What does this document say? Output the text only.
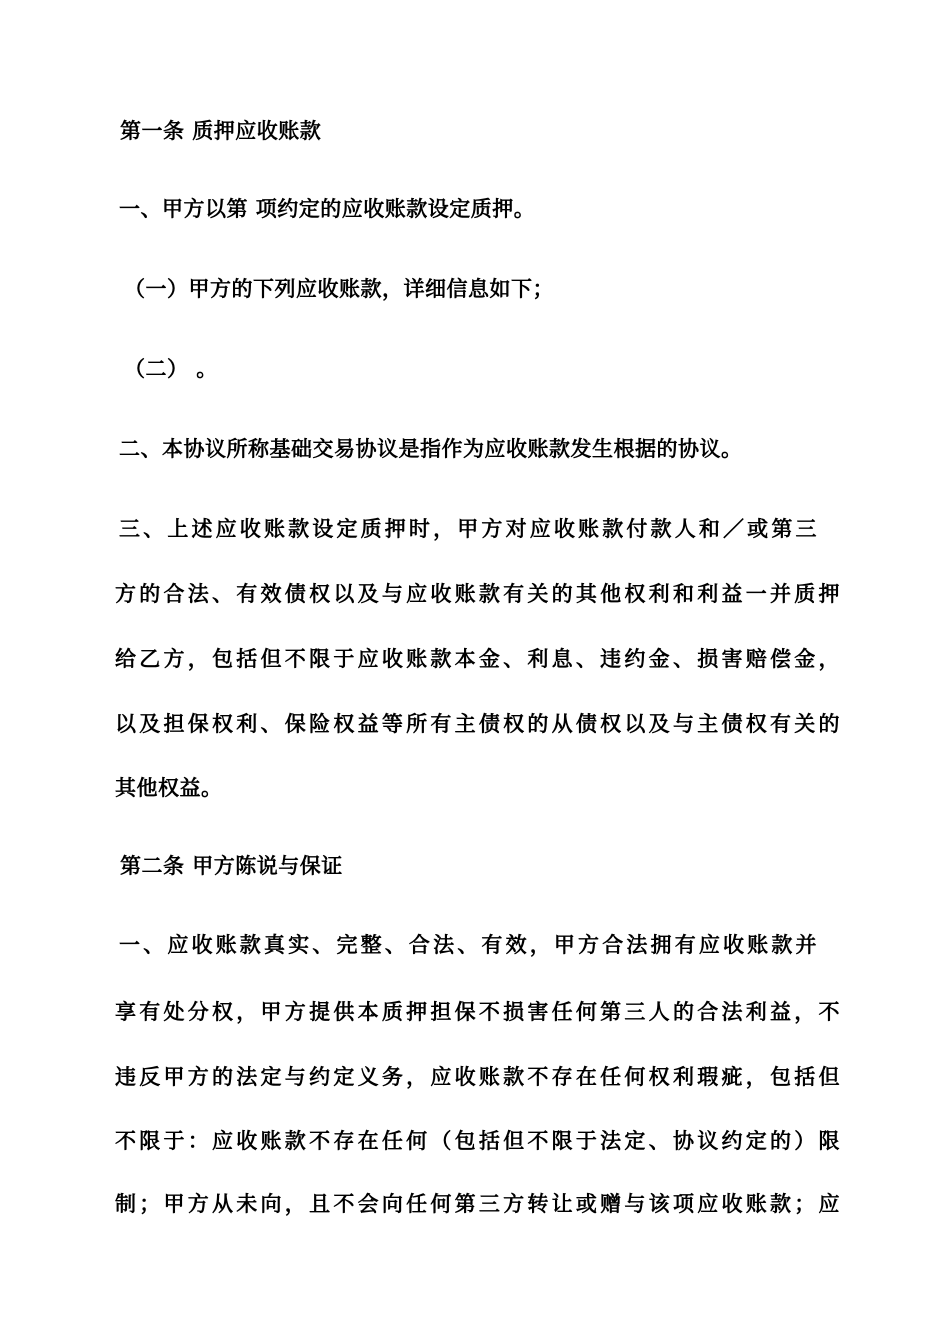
第一条 质押应收账款
一、甲方以第 项约定的应收账款设定质押。
（一）甲方的下列应收账款，详细信息如下；
（二） 。
二、本协议所称基础交易协议是指作为应收账款发生根据的协议。
三、上述应收账款设定质押时，甲方对应收账款付款人和／或第三
方的合法、有效债权以及与应收账款有关的其他权利和利益一并质押
给乙方，包括但不限于应收账款本金、利息、违约金、损害赔偿金，
以及担保权利、保险权益等所有主债权的从债权以及与主债权有关的
其他权益。
第二条 甲方陈说与保证
一、应收账款真实、完整、合法、有效，甲方合法拥有应收账款并
享有处分权，甲方提供本质押担保不损害任何第三人的合法利益，不
违反甲方的法定与约定义务，应收账款不存在任何权利瑕疵，包括但
不限于：应收账款不存在任何（包括但不限于法定、协议约定的）限
制；甲方从未向，且不会向任何第三方转让或赠与该项应收账款；应
